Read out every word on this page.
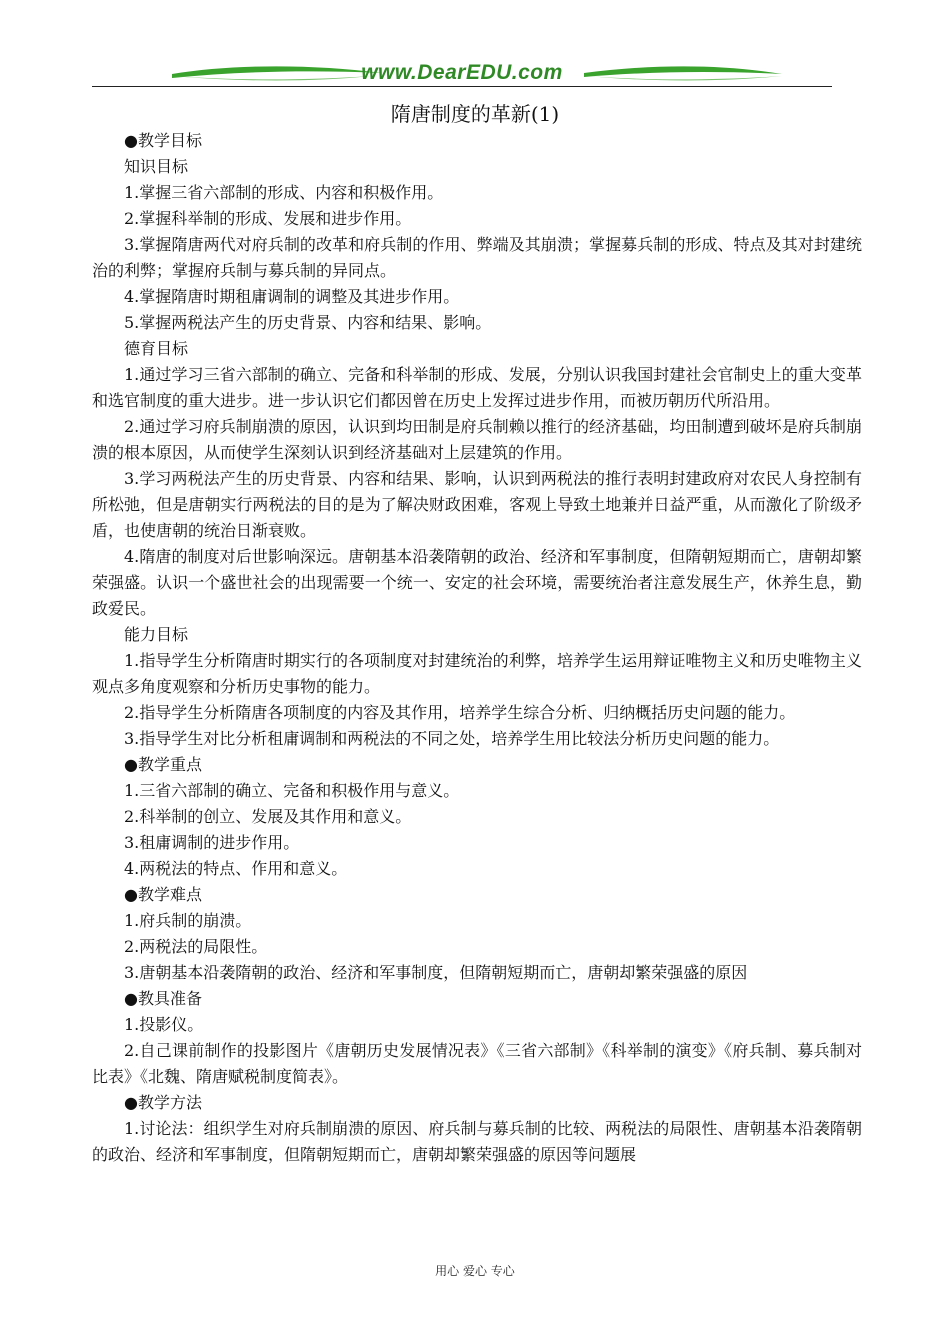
www.DearEDU.com
隋唐制度的革新(1)

●教学目标

知识目标

1.掌握三省六部制的形成、内容和积极作用。

2.掌握科举制的形成、发展和进步作用。

3.掌握隋唐两代对府兵制的改革和府兵制的作用、弊端及其崩溃；掌握募兵制的形成、特点及其对封建统治的利弊；掌握府兵制与募兵制的异同点。

4.掌握隋唐时期租庸调制的调整及其进步作用。

5.掌握两税法产生的历史背景、内容和结果、影响。

德育目标

1.通过学习三省六部制的确立、完备和科举制的形成、发展，分别认识我国封建社会官制史上的重大变革和选官制度的重大进步。进一步认识它们都因曾在历史上发挥过进步作用，而被历朝历代所沿用。

2.通过学习府兵制崩溃的原因，认识到均田制是府兵制赖以推行的经济基础，均田制遭到破坏是府兵制崩溃的根本原因，从而使学生深刻认识到经济基础对上层建筑的作用。

3.学习两税法产生的历史背景、内容和结果、影响，认识到两税法的推行表明封建政府对农民人身控制有所松弛，但是唐朝实行两税法的目的是为了解决财政困难，客观上导致土地兼并日益严重，从而激化了阶级矛盾，也使唐朝的统治日渐衰败。

4.隋唐的制度对后世影响深远。唐朝基本沿袭隋朝的政治、经济和军事制度，但隋朝短期而亡，唐朝却繁荣强盛。认识一个盛世社会的出现需要一个统一、安定的社会环境，需要统治者注意发展生产，休养生息，勤政爱民。

能力目标

1.指导学生分析隋唐时期实行的各项制度对封建统治的利弊，培养学生运用辩证唯物主义和历史唯物主义观点多角度观察和分析历史事物的能力。

2.指导学生分析隋唐各项制度的内容及其作用，培养学生综合分析、归纳概括历史问题的能力。

3.指导学生对比分析租庸调制和两税法的不同之处，培养学生用比较法分析历史问题的能力。

●教学重点

1.三省六部制的确立、完备和积极作用与意义。

2.科举制的创立、发展及其作用和意义。

3.租庸调制的进步作用。

4.两税法的特点、作用和意义。

●教学难点

1.府兵制的崩溃。

2.两税法的局限性。

3.唐朝基本沿袭隋朝的政治、经济和军事制度，但隋朝短期而亡，唐朝却繁荣强盛的原因

●教具准备

1.投影仪。

2.自己课前制作的投影图片《唐朝历史发展情况表》《三省六部制》《科举制的演变》《府兵制、募兵制对比表》《北魏、隋唐赋税制度简表》。

●教学方法

1.讨论法：组织学生对府兵制崩溃的原因、府兵制与募兵制的比较、两税法的局限性、唐朝基本沿袭隋朝的政治、经济和军事制度，但隋朝短期而亡，唐朝却繁荣强盛的原因等问题展

用心 爱心 专心
